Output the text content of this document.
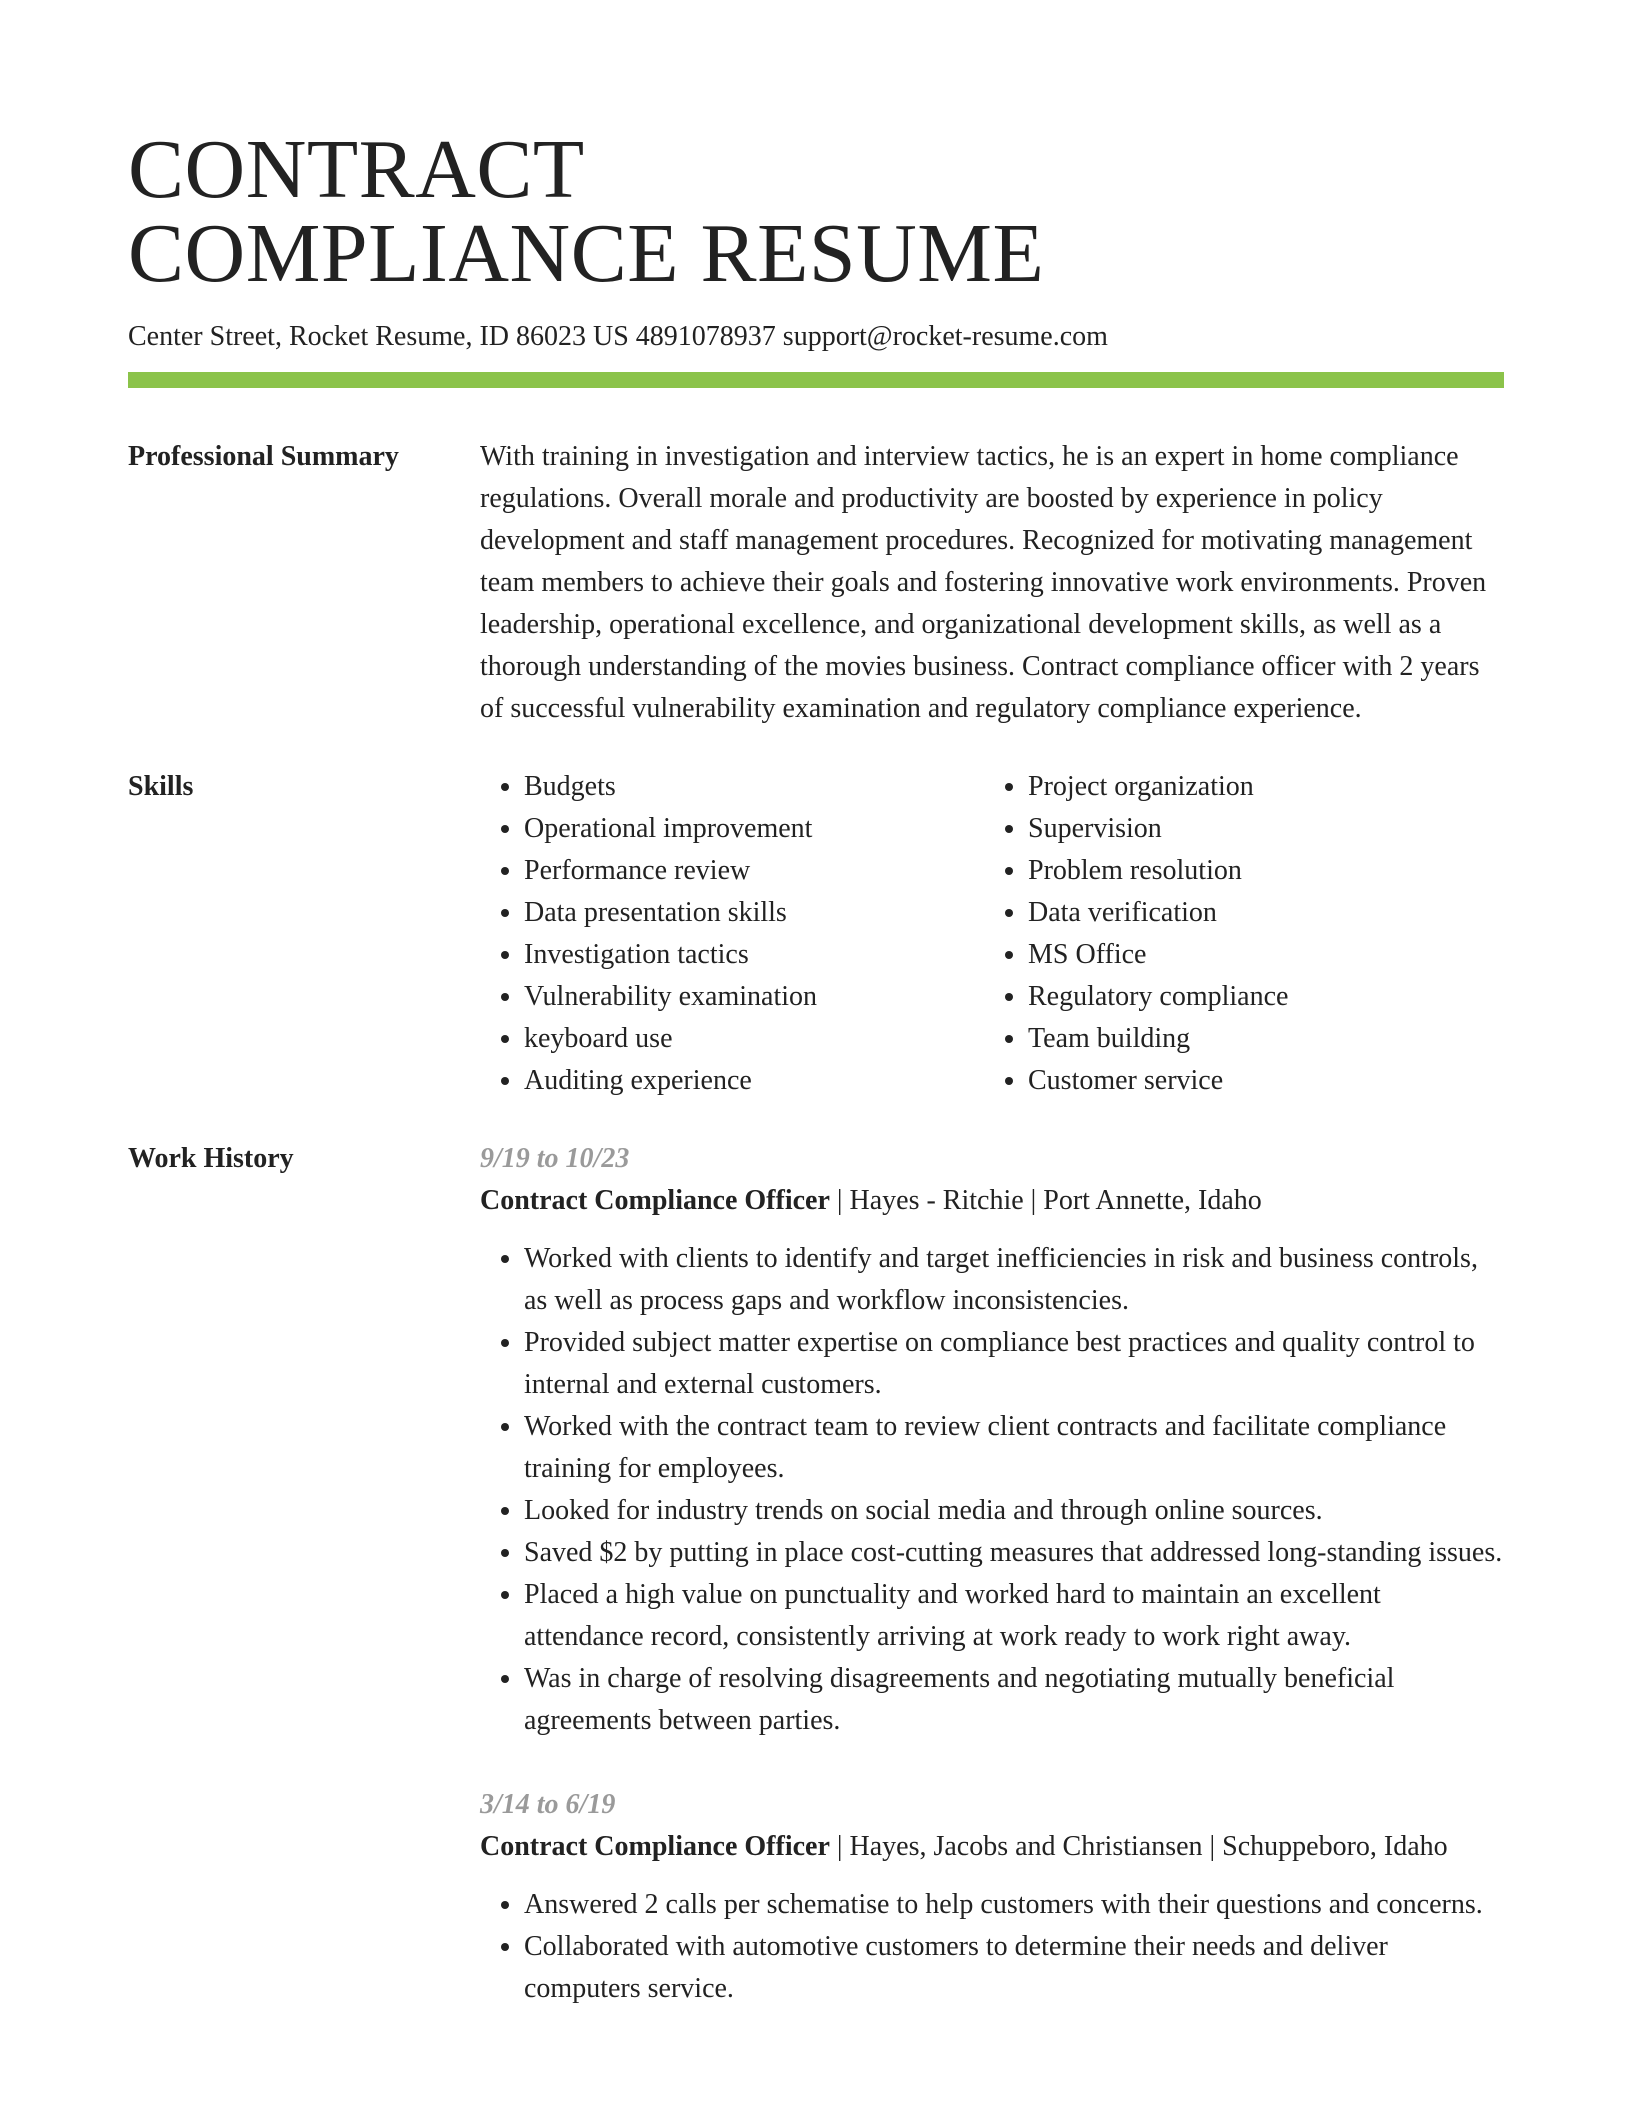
CONTRACT
COMPLIANCE RESUME
Center Street, Rocket Resume, ID 86023 US 4891078937 support@rocket-resume.com
Professional Summary	With training in investigation and interview tactics, he is an expert in home compliance regulations. Overall morale and productivity are boosted by experience in policy development and staff management procedures. Recognized for motivating management team members to achieve their goals and fostering innovative work environments. Proven leadership, operational excellence, and organizational development skills, as well as a thorough understanding of the movies business. Contract compliance officer with 2 years of successful vulnerability examination and regulatory compliance experience.
Skills
•	Budgets
• Operational improvement
• Performance review
• Data presentation skills
• Investigation tactics
• Vulnerability examination
• keyboard use
• Auditing experience
• Project organization
• Supervision
• Problem resolution
• Data verification
• MS Office
• Regulatory compliance
• Team building
• Customer service
Work History	9/19 to 10/23
Contract Compliance Officer | Hayes - Ritchie | Port Annette, Idaho
• Worked with clients to identify and target inefficiencies in risk and business controls, as well as process gaps and workflow inconsistencies.
• Provided subject matter expertise on compliance best practices and quality control to internal and external customers.
• Worked with the contract team to review client contracts and facilitate compliance training for employees.
• Looked for industry trends on social media and through online sources.
• Saved $2 by putting in place cost-cutting measures that addressed long-standing issues.
• Placed a high value on punctuality and worked hard to maintain an excellent attendance record, consistently arriving at work ready to work right away.
• Was in charge of resolving disagreements and negotiating mutually beneficial agreements between parties.
3/14 to 6/19
Contract Compliance Officer | Hayes, Jacobs and Christiansen | Schuppeboro, Idaho
• Answered 2 calls per schematise to help customers with their questions and concerns.
• Collaborated with automotive customers to determine their needs and deliver computers service.
